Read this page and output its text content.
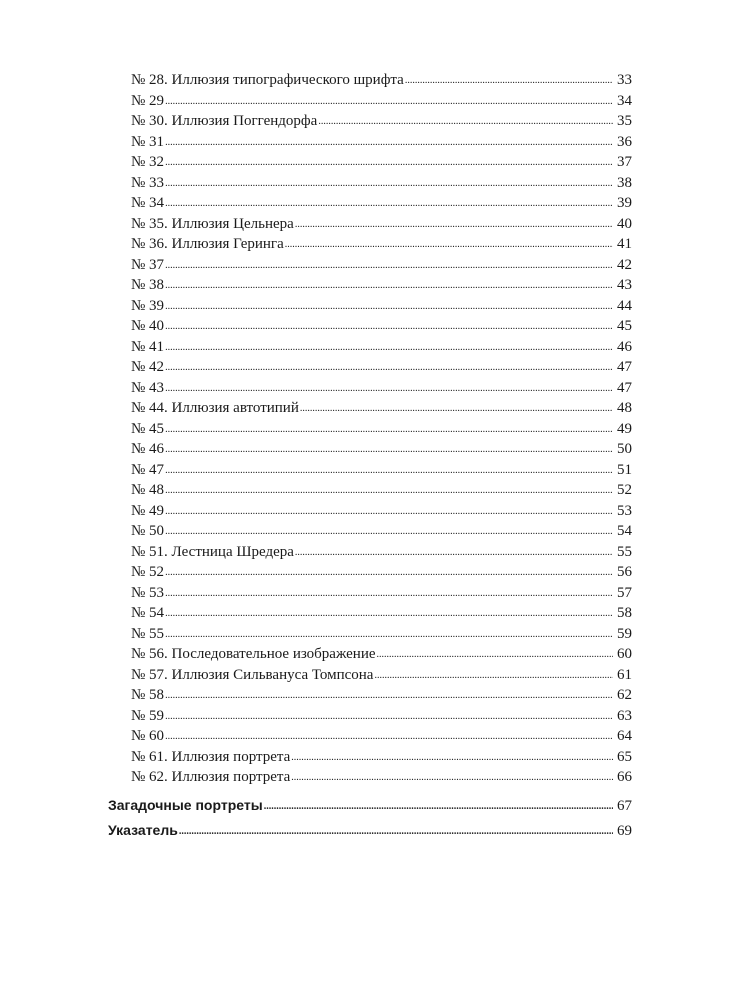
№ 28. Иллюзия типографического шрифта .....	33
№ 29 .....	34
№ 30. Иллюзия Поггендорфа .....	35
№ 31 .....	36
№ 32 .....	37
№ 33 .....	38
№ 34 .....	39
№ 35. Иллюзия Цельнера .....	40
№ 36. Иллюзия Геринга .....	41
№ 37 .....	42
№ 38 .....	43
№ 39 .....	44
№ 40 .....	45
№ 41 .....	46
№ 42 .....	47
№ 43 .....	47
№ 44. Иллюзия автотипий .....	48
№ 45 .....	49
№ 46 .....	50
№ 47 .....	51
№ 48 .....	52
№ 49 .....	53
№ 50 .....	54
№ 51. Лестница Шредера .....	55
№ 52 .....	56
№ 53 .....	57
№ 54 .....	58
№ 55 .....	59
№ 56. Последовательное изображение .....	60
№ 57. Иллюзия Сильвануса Томпсона .....	61
№ 58 .....	62
№ 59 .....	63
№ 60 .....	64
№ 61. Иллюзия портрета .....	65
№ 62. Иллюзия портрета .....	66
Загадочные портреты .....	67
Указатель .....	69
